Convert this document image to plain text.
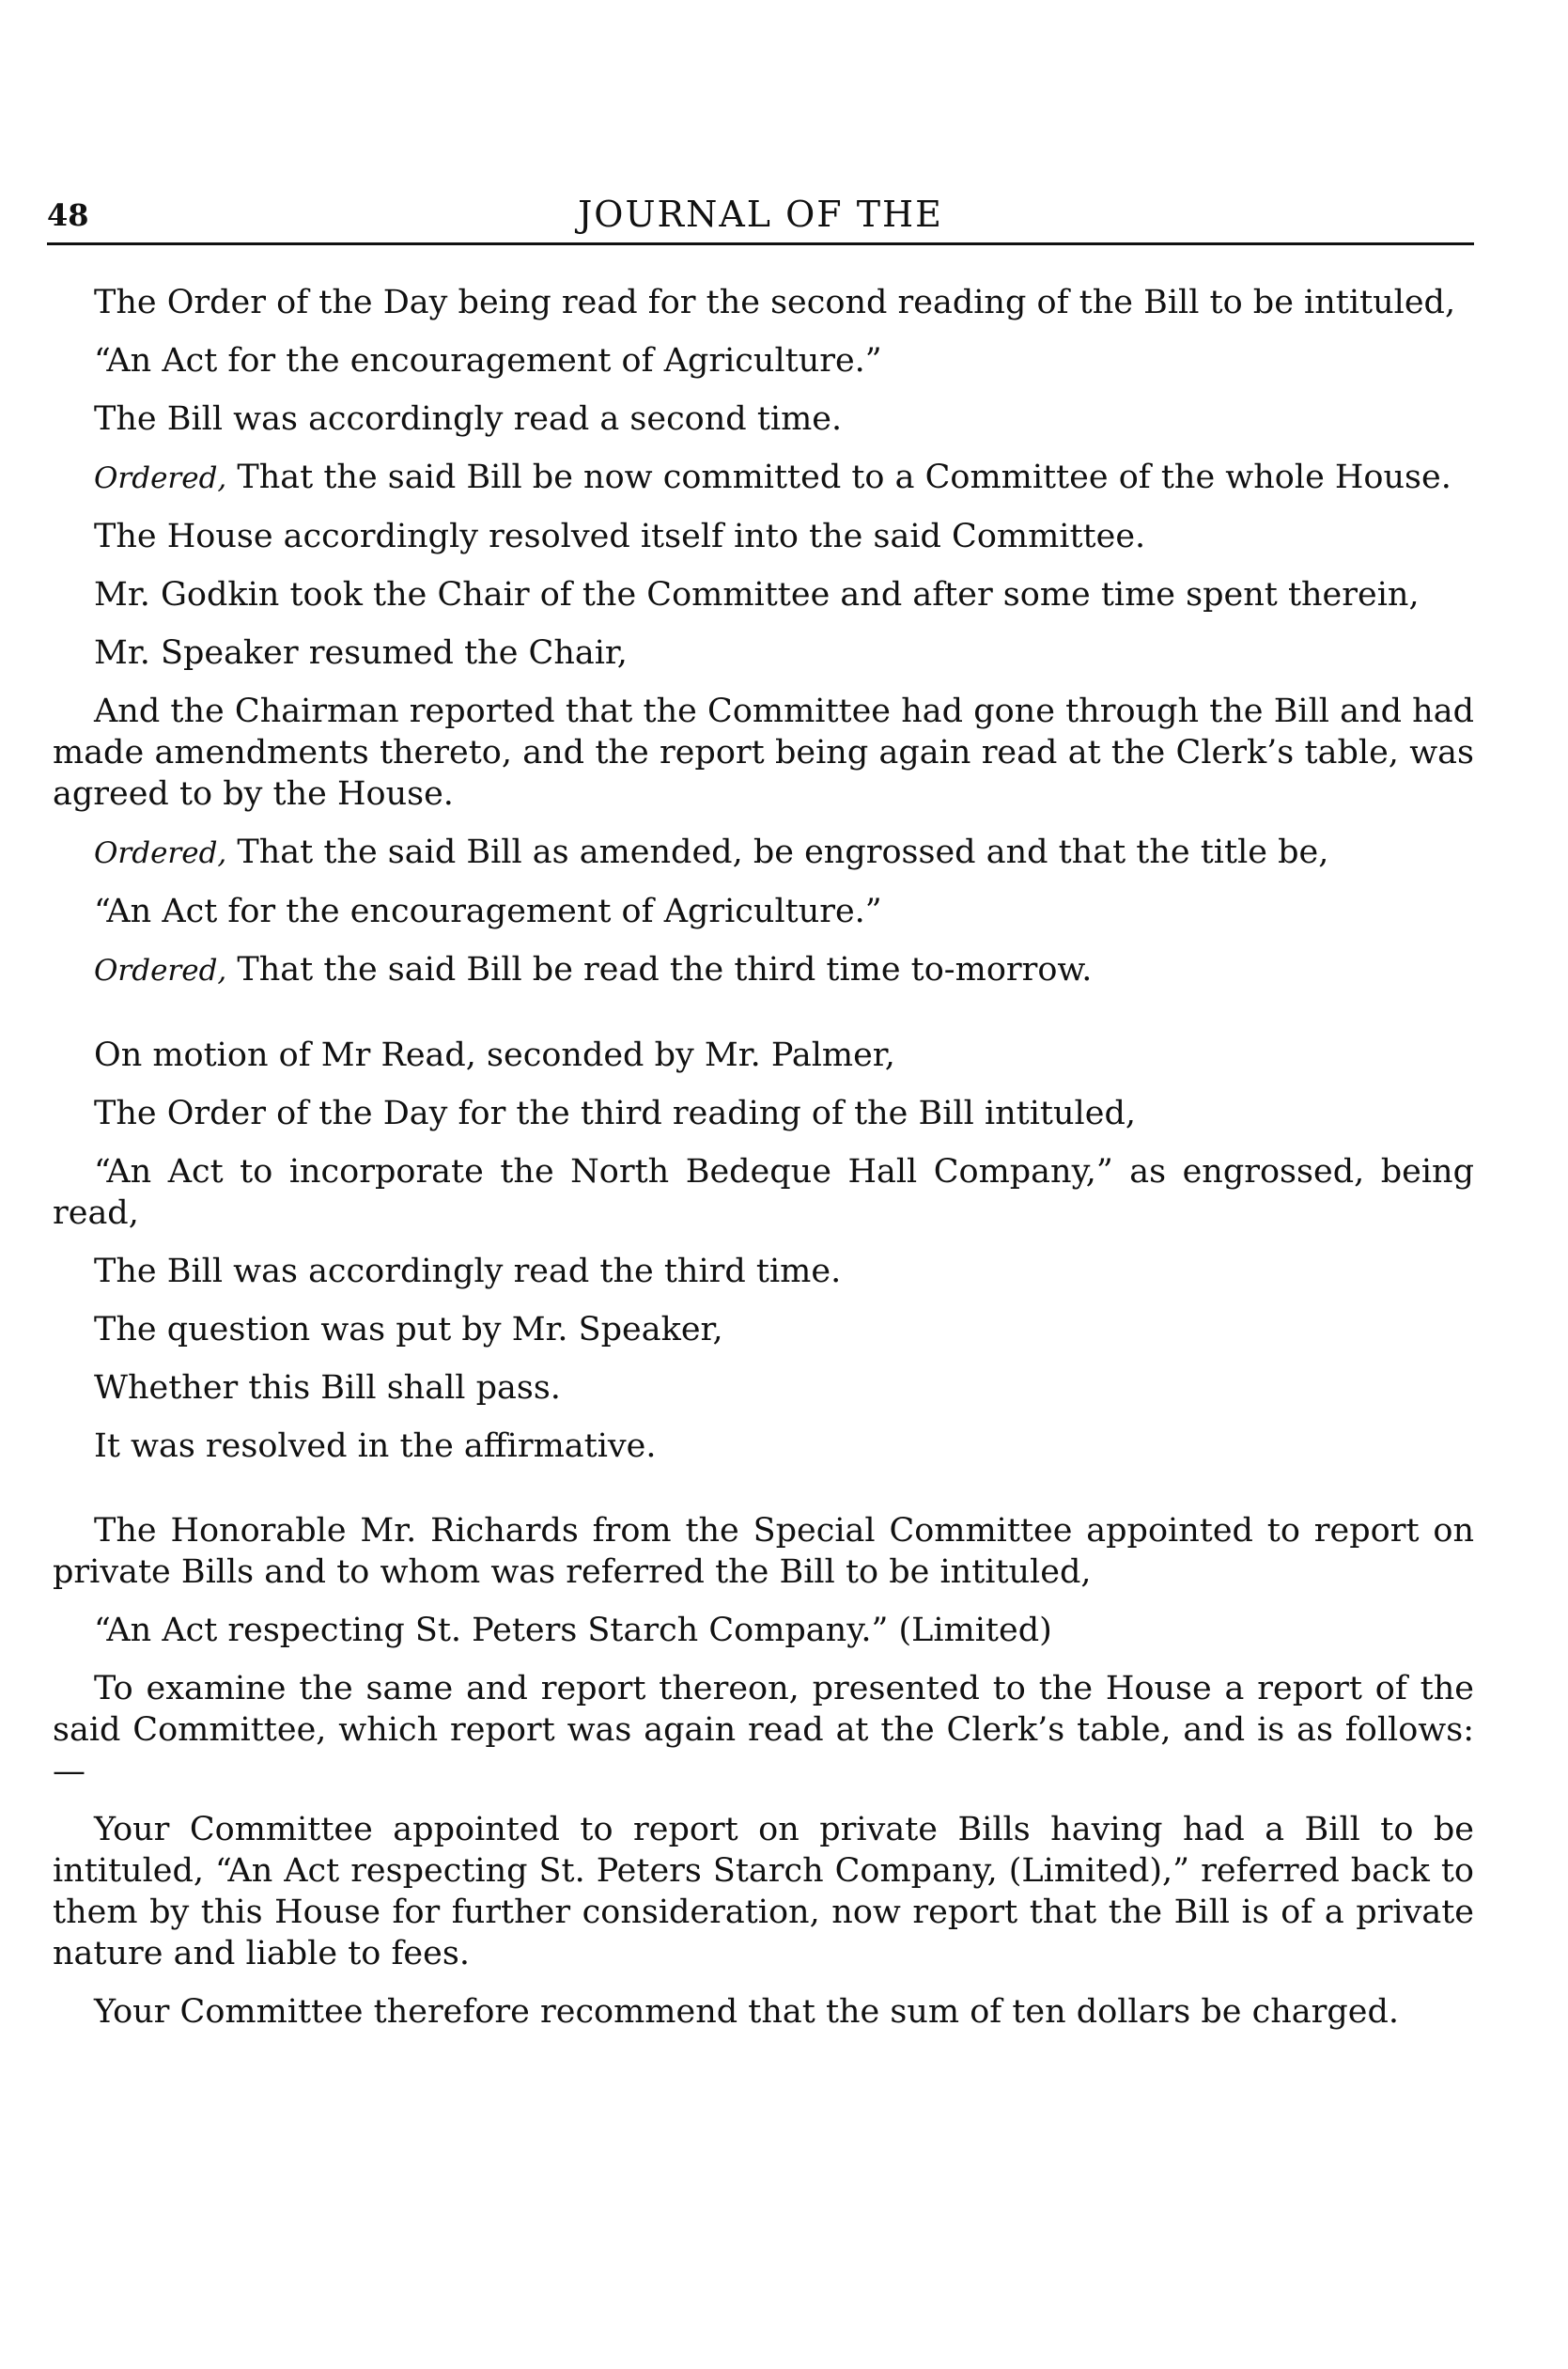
48	JOURNAL OF THE

The Order of the Day being read for the second reading of the Bill to be intituled,

“An Act for the encouragement of Agriculture.”

The Bill was accordingly read a second time.

Ordered, That the said Bill be now committed to a Committee of the whole House.

The House accordingly resolved itself into the said Committee.

Mr. Godkin took the Chair of the Committee and after some time spent therein,

Mr. Speaker resumed the Chair,

And the Chairman reported that the Committee had gone through the Bill and had made amendments thereto, and the report being again read at the Clerk’s table, was agreed to by the House.

Ordered, That the said Bill as amended, be engrossed and that the title be,

“An Act for the encouragement of Agriculture.”

Ordered, That the said Bill be read the third time to-morrow.

On motion of Mr Read, seconded by Mr. Palmer,

The Order of the Day for the third reading of the Bill intituled,

“An Act to incorporate the North Bedeque Hall Company,” as engrossed, being read,

The Bill was accordingly read the third time.

The question was put by Mr. Speaker,

Whether this Bill shall pass.

It was resolved in the affirmative.

The Honorable Mr. Richards from the Special Committee appointed to report on private Bills and to whom was referred the Bill to be intituled,

“An Act respecting St. Peters Starch Company.” (Limited)

To examine the same and report thereon, presented to the House a report of the said Committee, which report was again read at the Clerk’s table, and is as follows: —

Your Committee appointed to report on private Bills having had a Bill to be intituled, “An Act respecting St. Peters Starch Company, (Limited),” referred back to them by this House for further consideration, now report that the Bill is of a private nature and liable to fees.

Your Committee therefore recommend that the sum of ten dollars be charged.
